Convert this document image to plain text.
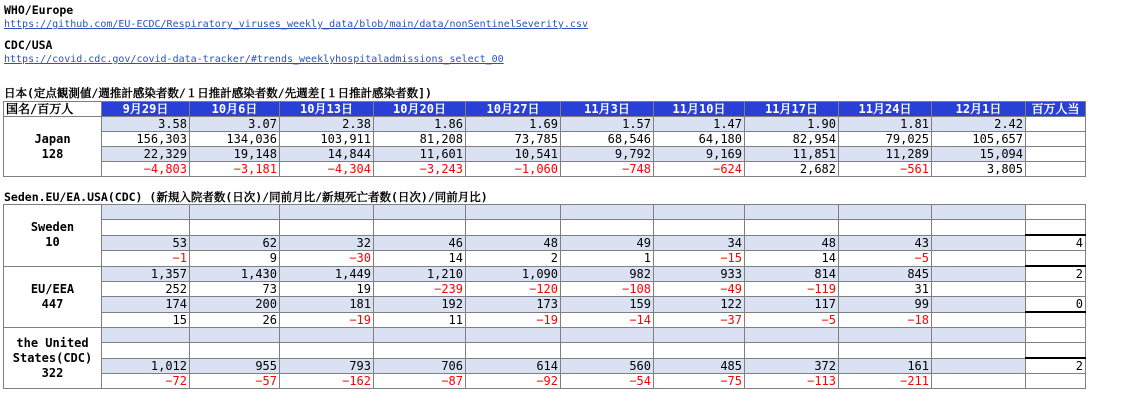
WHO/Europe
https://github.com/EU-ECDC/Respiratory_viruses_weekly_data/blob/main/data/nonSentinelSeverity.csv
CDC/USA
https://covid.cdc.gov/covid-data-tracker/#trends_weeklyhospitaladmissions_select_00
日本(定点観測値/週推計感染者数/１日推計感染者数/先週差[１日推計感染者数])
国名/百万人	9月29日	10月6日	10月13日	10月20日	10月27日	11月3日	11月10日	11月17日	11月24日	12月1日	百万人当

Japan
128	3.58	3.07	2.38	1.86	1.69	1.57	1.47	1.90	1.81	2.42	
	156,303	134,036	103,911	81,208	73,785	68,546	64,180	82,954	79,025	105,657	
	22,329	19,148	14,844	11,601	10,541	9,792	9,169	11,851	11,289	15,094	
	−4,803	−3,181	−4,304	−3,243	−1,060	−748	−624	2,682	−561	3,805	
Seden.EU/EA.USA(CDC) (新規入院者数(日次)/同前月比/新規死亡者数(日次)/同前月比)
Sweden
10											

	53	62	32	46	48	49	34	48	43		4
	−1	9	−30	14	2	1	−15	14	−5		

EU/EEA
447	1,357	1,430	1,449	1,210	1,090	982	933	814	845		2
	252	73	19	−239	−120	−108	−49	−119	31		
	174	200	181	192	173	159	122	117	99		0
	15	26	−19	11	−19	−14	−37	−5	−18		

the United
States(CDC)
322											

	1,012	955	793	706	614	560	485	372	161		2
	−72	−57	−162	−87	−92	−54	−75	−113	−211		
